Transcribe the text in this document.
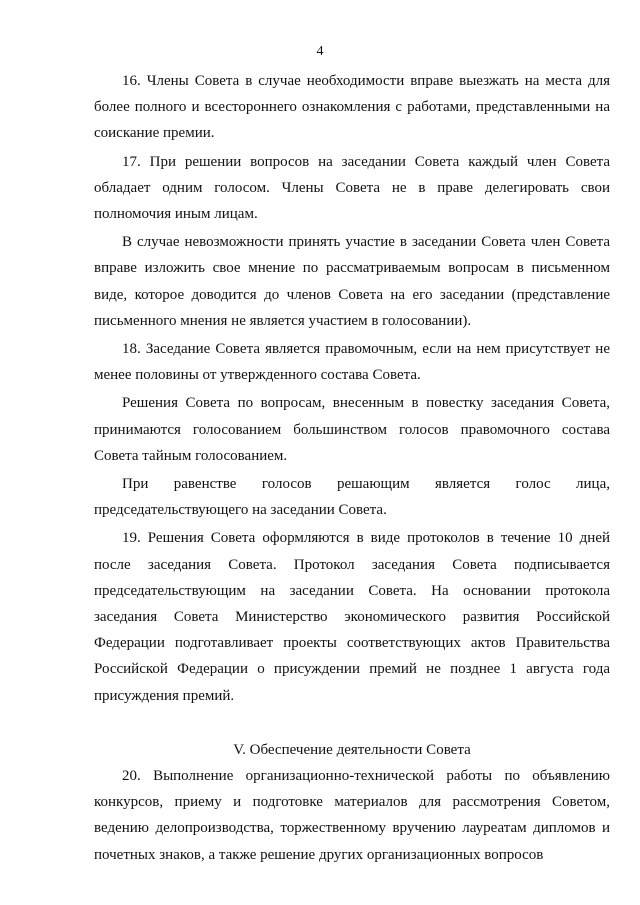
4

16. Члены Совета в случае необходимости вправе выезжать на места для более полного и всестороннего ознакомления с работами, представленными на соискание премии.

17. При решении вопросов на заседании Совета каждый член Совета обладает одним голосом. Члены Совета не в праве делегировать свои полномочия иным лицам.

В случае невозможности принять участие в заседании Совета член Совета вправе изложить свое мнение по рассматриваемым вопросам в письменном виде, которое доводится до членов Совета на его заседании (представление письменного мнения не является участием в голосовании).

18. Заседание Совета является правомочным, если на нем присутствует не менее половины от утвержденного состава Совета.

Решения Совета по вопросам, внесенным в повестку заседания Совета, принимаются голосованием большинством голосов правомочного состава Совета тайным голосованием.

При равенстве голосов решающим является голос лица, председательствующего на заседании Совета.

19. Решения Совета оформляются в виде протоколов в течение 10 дней после заседания Совета. Протокол заседания Совета подписывается председательствующим на заседании Совета. На основании протокола заседания Совета Министерство экономического развития Российской Федерации подготавливает проекты соответствующих актов Правительства Российской Федерации о присуждении премий не позднее 1 августа года присуждения премий.

V. Обеспечение деятельности Совета

20. Выполнение организационно-технической работы по объявлению конкурсов, приему и подготовке материалов для рассмотрения Советом, ведению делопроизводства, торжественному вручению лауреатам дипломов и почетных знаков, а также решение других организационных вопросов
